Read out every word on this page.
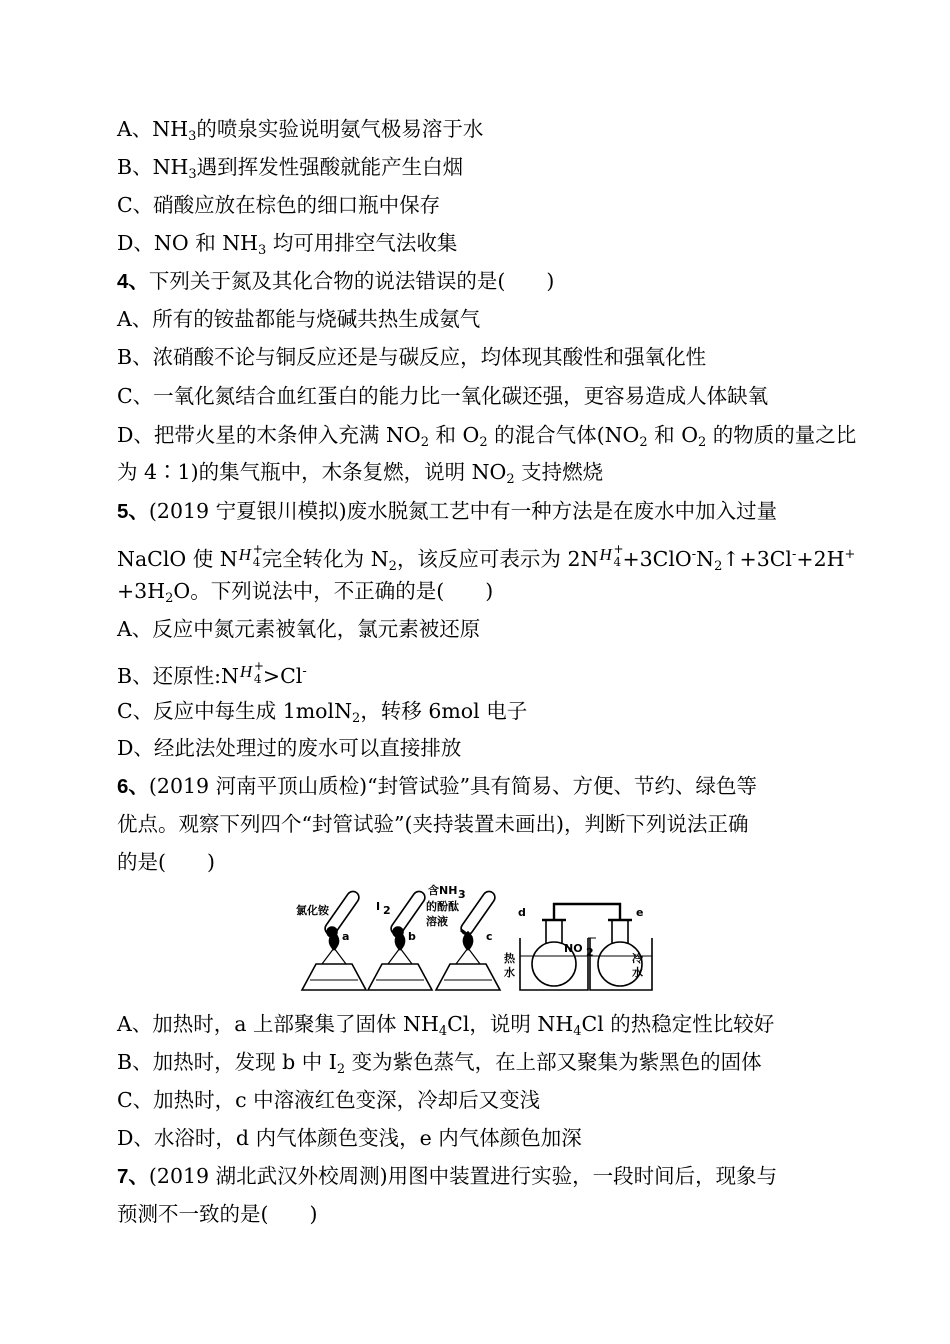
A、$NH_3$的喷泉实验说明氨气极易溶于水
B、$NH_3$遇到挥发性强酸就能产生白烟
C、硝酸应放在棕色的细口瓶中保存
D、NO 和 $NH_3$ 均可用排空气法收集
4、下列关于氮及其化合物的说法错误的是(　　)
A、所有的铵盐都能与烧碱共热生成氨气
B、浓硝酸不论与铜反应还是与碳反应，均体现其酸性和强氧化性
C、一氧化氮结合血红蛋白的能力比一氧化碳还强，更容易造成人体缺氧
D、把带火星的木条伸入充满 $NO_2$ 和 $O_2$ 的混合气体($NO_2$ 和 $O_2$ 的物质的量之比
为 4∶1)的集气瓶中，木条复燃，说明 $NO_2$ 支持燃烧
5、(2019 宁夏银川模拟)废水脱氮工艺中有一种方法是在废水中加入过量
NaClO 使 N H +
4 完全转化为 $N_2$，该反应可表示为 2N H +
$4 +3ClO^-N_2↑+3Cl^-+2H^+$
$+3H_2O$。下列说法中，不正确的是(　　)
A、反应中氮元素被氧化，氯元素被还原
B、还原性:N H +
4 >Cl-
C、反应中每生成 1molN$_2$，转移 6mol 电子
D、经此法处理过的废水可以直接排放
6、(2019 河南平顶山质检)“封管试验”具有简易、方便、节约、绿色等
优点。观察下列四个“封管试验”(夹持装置未画出)，判断下列说法正确
的是(　　)
氯化铵
a
I 2
b
含NH 3
的酚酞
溶液
c
d	e
NO 2
热
水
冷
水
A、加热时，a 上部聚集了固体 $NH_4Cl$，说明 $NH_4Cl$ 的热稳定性比较好
B、加热时，发现 b 中 $I_2$ 变为紫色蒸气，在上部又聚集为紫黑色的固体
C、加热时，c 中溶液红色变深，冷却后又变浅
D、水浴时，d 内气体颜色变浅，e 内气体颜色加深
7、(2019 湖北武汉外校周测)用图中装置进行实验，一段时间后，现象与
预测不一致的是(　　)
